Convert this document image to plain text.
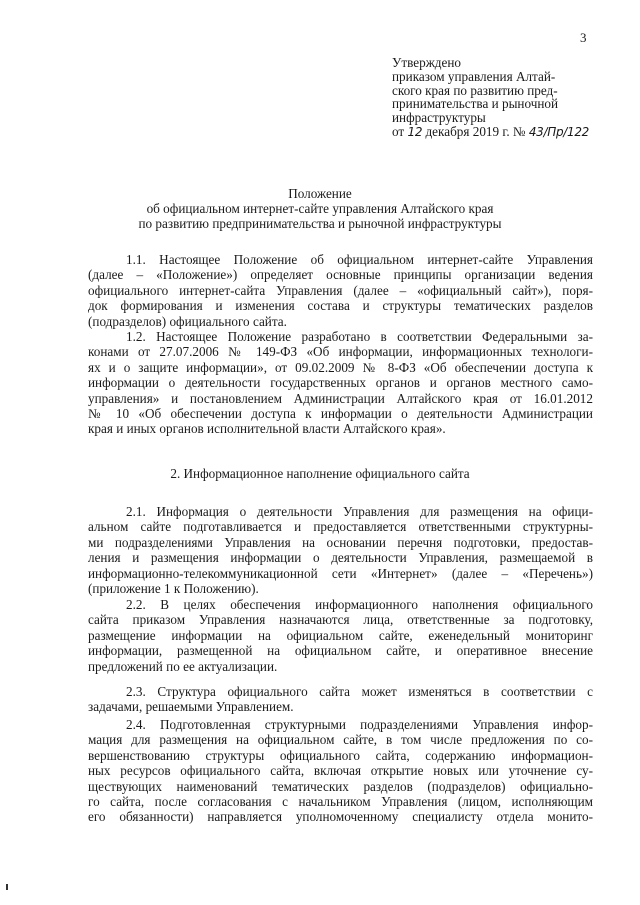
3
Утверждено
приказом управления Алтай-
ского края по развитию пред-
принимательства и рыночной
инфраструктуры
от 12 декабря 2019 г. № 43/Пр/122
Положение
об официальном интернет-сайте управления Алтайского края
по развитию предпринимательства и рыночной инфраструктуры
1.1. Настоящее Положение об официальном интернет-сайте Управления
(далее – «Положение») определяет основные принципы организации ведения
официального интернет-сайта Управления (далее – «официальный сайт»), поря-
док формирования и изменения состава и структуры тематических разделов
(подразделов) официального сайта.
1.2. Настоящее Положение разработано в соответствии Федеральными за-
конами от 27.07.2006 № 149-ФЗ «Об информации, информационных технологи-
ях и о защите информации», от 09.02.2009 № 8-ФЗ «Об обеспечении доступа к
информации о деятельности государственных органов и органов местного само-
управления» и постановлением Администрации Алтайского края от 16.01.2012
№ 10 «Об обеспечении доступа к информации о деятельности Администрации
края и иных органов исполнительной власти Алтайского края».
2. Информационное наполнение официального сайта
2.1. Информация о деятельности Управления для размещения на офици-
альном сайте подготавливается и предоставляется ответственными структурны-
ми подразделениями Управления на основании перечня подготовки, предостав-
ления и размещения информации о деятельности Управления, размещаемой в
информационно-телекоммуникационной сети «Интернет» (далее – «Перечень»)
(приложение 1 к Положению).
2.2. В целях обеспечения информационного наполнения официального
сайта приказом Управления назначаются лица, ответственные за подготовку,
размещение информации на официальном сайте, еженедельный мониторинг
информации, размещенной на официальном сайте, и оперативное внесение
предложений по ее актуализации.
2.3. Структура официального сайта может изменяться в соответствии с
задачами, решаемыми Управлением.
2.4. Подготовленная структурными подразделениями Управления инфор-
мация для размещения на официальном сайте, в том числе предложения по со-
вершенствованию структуры официального сайта, содержанию информацион-
ных ресурсов официального сайта, включая открытие новых или уточнение су-
ществующих наименований тематических разделов (подразделов) официально-
го сайта, после согласования с начальником Управления (лицом, исполняющим
его обязанности) направляется уполномоченному специалисту отдела монито-
